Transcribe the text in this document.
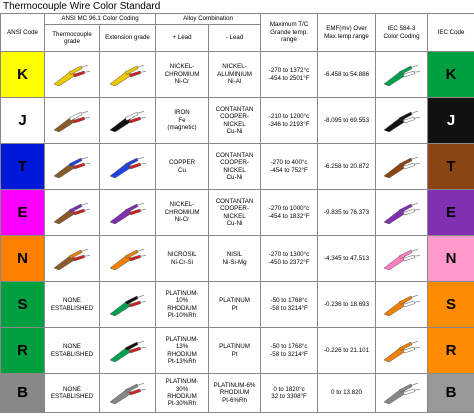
Thermocouple Wire Color Standard
ANSI Code	ANSI MC 96.1 Color Coding		Alloy Combination		Maximum T/C
Grande temp.
range	EMF(mv) Over
Max.temp.range	IEC 584-3
Color Coding	IEC Code
	Thermocouple
grade	Extension grade	+ Lead	- Lead				
K			NICKEL-
CHROMIUM
Ni-Cr	NICKEL-
ALUMINIUM
Ni-Al	-270 to 1372°c
-454 to 2501°F	-6.458 to 54.886		K
J			IRON
Fe
(magnetic)	CONTANTAN
COOPER-
NICKEL
Cu-Ni	-210 to 1200°c
-346 to 2193°F	-8,095 to 69.553		J
T			COPPER
Cu	CONTANTAN
COOPER-
NICKEL
Cu-Ni	-270 to 400°c
-454 to 752°F	-6.258 to 20.872		T
E			NICKEL-
CHROMIUM
Ni-Cr	CONTANTAN
COOPER-
NICKEL
Cu-Ni	-270 to 1000°c
-454 to 1832°F	-9.835 to 76.373		E
N			NICROSIL
Ni-Cr-Si	NISIL
Ni-Si-Mg	-270 to 1300°c
-450 to 2372°F	-4.345 to 47.513		N
S	NONE
ESTABLISHED		PLATINUM-
10%
RHODIUM
Pt-10%Rh	PLATINUM
Pt	-50 to 1768°c
-58 to 3214°F	-0.236 to 18.693		S
R	NONE
ESTABLISHED		PLATINUM-
13%
RHODIUM
Pt-13%Rh	PLATINUM
Pt	-50 to 1768°c
-58 to 3214°F	-0.226 to 21.101		R
B	NONE
ESTABLISHED		PLATINUM-
30%
RHODIUM
Pt-30%Rh	PLATINUM-6%
RHODIUM
Pt-6%Rh	0 to 1820°c
32 to 3308°F	0 to 13.820		B
